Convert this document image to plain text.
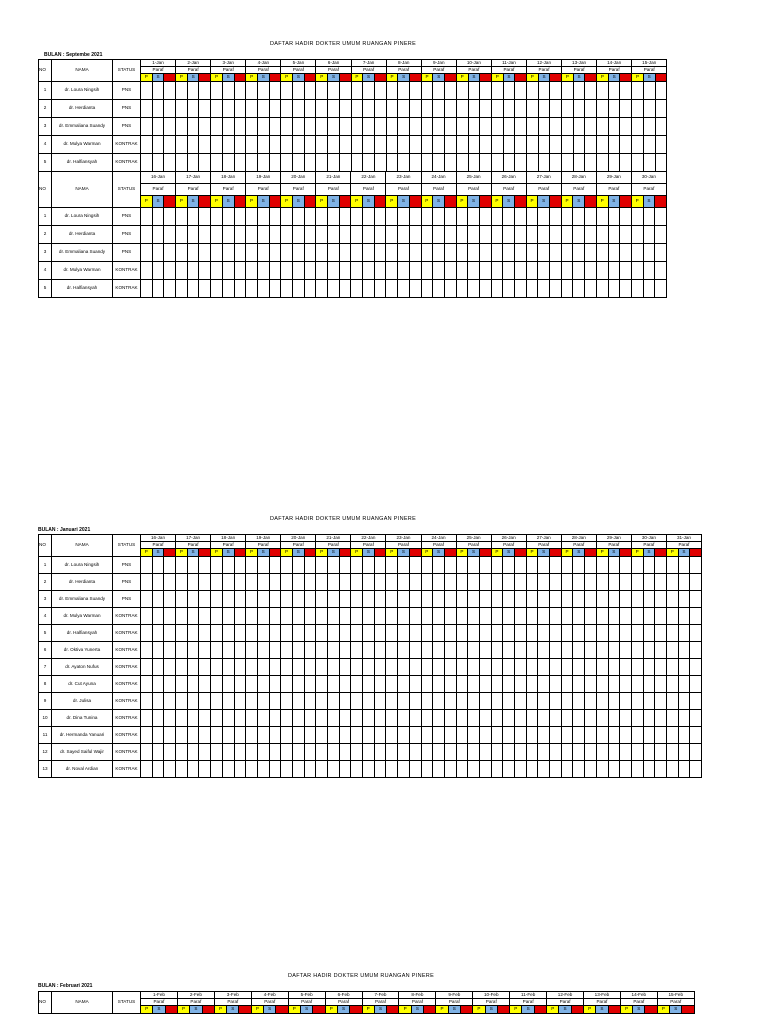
DAFTAR HADIR DOKTER UMUM RUANGAN PINERE
BULAN : Septembe 2021
NO	NAMA	STATUS	1-Jan			2-Jan			3-Jan			4-Jan			5-Jan			6-Jan			7-Jan			8-Jan			9-Jan			10-Jan			11-Jan			12-Jan			13-Jan			14-Jan			15-Jan		
			Paraf			Paraf			Paraf			Paraf			Paraf			Paraf			Paraf			Paraf			Paraf			Paraf			Paraf			Paraf			Paraf			Paraf			Paraf		
			P	S	M	P	S	M	P	S	M	P	S	M	P	S	M	P	S	M	P	S	M	P	S	M	P	S	M	P	S	M	P	S	M	P	S	M	P	S	M	P	S	M	P	S	M
1	dr. Loura Ningsih	PNS																																													
2	dr. Herdianta	PNS																																													
3	dr. Emmaliana Suandy	PNS																																													
4	dr. Mulya Warman	KONTRAK																																													
5	dr. Halfiansyah	KONTRAK																																													
NO	NAMA	STATUS	16-Jan			17-Jan			18-Jan			19-Jan			20-Jan			21-Jan			22-Jan			23-Jan			24-Jan			25-Jan			26-Jan			27-Jan			28-Jan			29-Jan			30-Jan		
			Paraf			Paraf			Paraf			Paraf			Paraf			Paraf			Paraf			Paraf			Paraf			Paraf			Paraf			Paraf			Paraf			Paraf			Paraf		
			P	S	M	P	S	M	P	S	M	P	S	M	P	S	M	P	S	M	P	S	M	P	S	M	P	S	M	P	S	M	P	S	M	P	S	M	P	S	M	P	S	M	P	S	M
1	dr. Loura Ningsih	PNS																																													
2	dr. Herdianta	PNS																																													
3	dr. Emmaliana Suandy	PNS																																													
4	dr. Mulya Warman	KONTRAK																																													
5	dr. Halfiansyah	KONTRAK																																													
DAFTAR HADIR DOKTER UMUM RUANGAN PINERE
BULAN : Januari 2021
NO	NAMA	STATUS	16-Jan			17-Jan			18-Jan			19-Jan			20-Jan			21-Jan			22-Jan			23-Jan			24-Jan			25-Jan			26-Jan			27-Jan			28-Jan			29-Jan			30-Jan			31-Jan		
			Paraf			Paraf			Paraf			Paraf			Paraf			Paraf			Paraf			Paraf			Paraf			Paraf			Paraf			Paraf			Paraf			Paraf			Paraf			Paraf		
			P	S	M	P	S	M	P	S	M	P	S	M	P	S	M	P	S	M	P	S	M	P	S	M	P	S	M	P	S	M	P	S	M	P	S	M	P	S	M	P	S	M	P	S	M	P	S	M
1	dr. Loura Ningsih	PNS																																																
2	dr. Herdianta	PNS																																																
3	dr. Emmaliana Suandy	PNS																																																
4	dr. Mulya Warman	KONTRAK																																																
5	dr. Halfiansyah	KONTRAK																																																
6	dr. Oktiva Yunerta	KONTRAK																																																
7	dr. Ayaton Nufus	KONTRAK																																																
8	dr. Cut Ayuna	KONTRAK																																																
9	dr. Julisa	KONTRAK																																																
10	dr. Dina Tunina	KONTRAK																																																
11	dr. Hermanda Yanuari	KONTRAK																																																
12	dr. Sayed Saiful Wajir	KONTRAK																																																
13	dr. Noval Ardian	KONTRAK																																																
DAFTAR HADIR DOKTER UMUM RUANGAN PINERE
BULAN : Februari 2021
NO	NAMA	STATUS	1-Feb			2-Feb			3-Feb			4-Feb			5-Feb			6-Feb			7-Feb			8-Feb			9-Feb			10-Feb			11-Feb			12-Feb			13-Feb			14-Feb			15-Feb		
			Paraf			Paraf			Paraf			Paraf			Paraf			Paraf			Paraf			Paraf			Paraf			Paraf			Paraf			Paraf			Paraf			Paraf			Paraf		
			P	S	M	P	S	M	P	S	M	P	S	M	P	S	M	P	S	M	P	S	M	P	S	M	P	S	M	P	S	M	P	S	M	P	S	M	P	S	M	P	S	M	P	S	M
